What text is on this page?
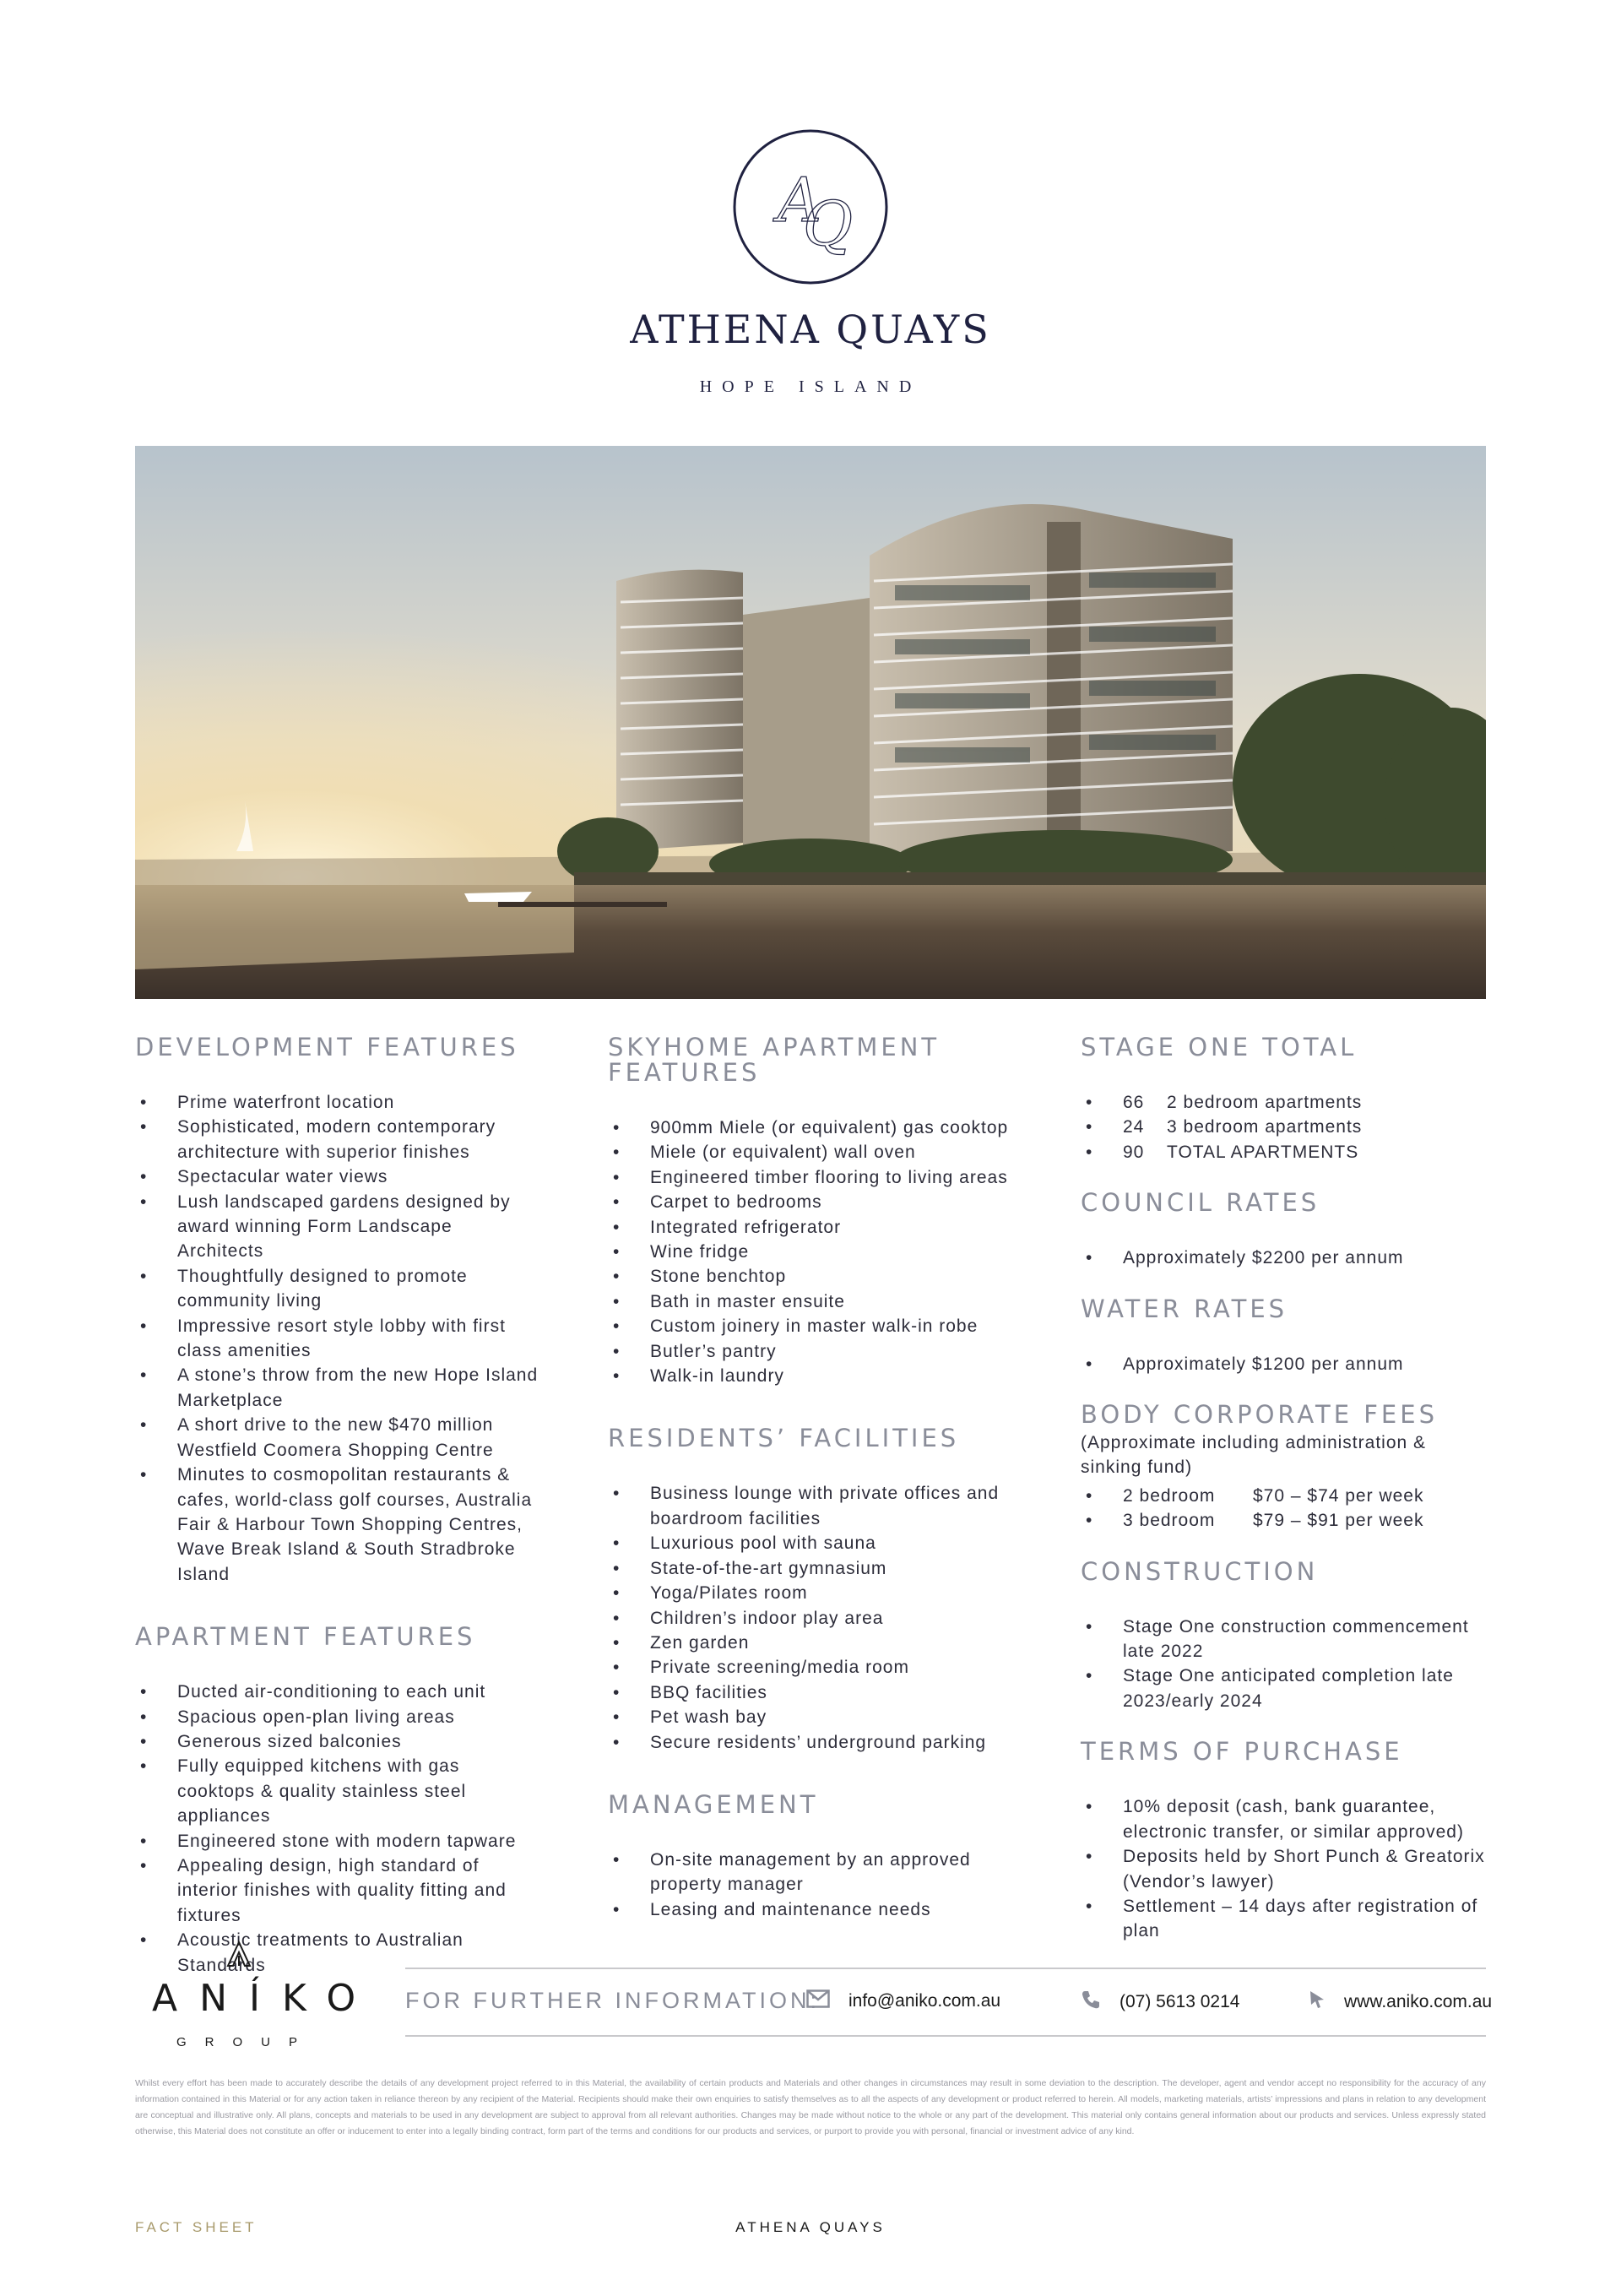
A
Q
ATHENA QUAYS
HOPE ISLAND
DEVELOPMENT FEATURES
• Prime waterfront location
• Sophisticated, modern contemporary architecture with superior finishes
• Spectacular water views
• Lush landscaped gardens designed by award winning Form Landscape Architects
• Thoughtfully designed to promote community living
• Impressive resort style lobby with first class amenities
• A stone’s throw from the new Hope Island Marketplace
• A short drive to the new $470 million Westfield Coomera Shopping Centre
• Minutes to cosmopolitan restaurants & cafes, world-class golf courses, Australia Fair & Harbour Town Shopping Centres, Wave Break Island & South Stradbroke Island
APARTMENT FEATURES
• Ducted air-conditioning to each unit
• Spacious open-plan living areas
• Generous sized balconies
• Fully equipped kitchens with gas cooktops & quality stainless steel appliances
• Engineered stone with modern tapware
• Appealing design, high standard of interior finishes with quality fitting and fixtures
• Acoustic treatments to Australian Standards
SKYHOME APARTMENT FEATURES
• 900mm Miele (or equivalent) gas cooktop
• Miele (or equivalent) wall oven
• Engineered timber flooring to living areas
• Carpet to bedrooms
• Integrated refrigerator
• Wine fridge
• Stone benchtop
• Bath in master ensuite
• Custom joinery in master walk-in robe
• Butler’s pantry
• Walk-in laundry
RESIDENTS’ FACILITIES
• Business lounge with private offices and boardroom facilities
• Luxurious pool with sauna
• State-of-the-art gymnasium
• Yoga/Pilates room
• Children’s indoor play area
• Zen garden
• Private screening/media room
• BBQ facilities
• Pet wash bay
• Secure residents’ underground parking
MANAGEMENT
• On-site management by an approved property manager
• Leasing and maintenance needs
STAGE ONE TOTAL
• 66 2 bedroom apartments
• 24 3 bedroom apartments
• 90 TOTAL APARTMENTS
COUNCIL RATES
• Approximately $2200 per annum
WATER RATES
• Approximately $1200 per annum
BODY CORPORATE FEES
(Approximate including administration & sinking fund)
• 2 bedroom $70 – $74 per week
• 3 bedroom $79 – $91 per week
CONSTRUCTION
• Stage One construction commencement late 2022
• Stage One anticipated completion late 2023/early 2024
TERMS OF PURCHASE
• 10% deposit (cash, bank guarantee, electronic transfer, or similar approved)
• Deposits held by Short Punch & Greatorix (Vendor’s lawyer)
• Settlement – 14 days after registration of plan
ANÍKO
GROUP
FOR FURTHER INFORMATION: info@aniko.com.au	(07) 5613 0214	www.aniko.com.au
Whilst every effort has been made to accurately describe the details of any development project referred to in this Material, the availability of certain products and Materials and other changes in circumstances may result in some deviation to the description. The developer, agent and vendor accept no responsibility for the accuracy of any information contained in this Material or for any action taken in reliance thereon by any recipient of the Material. Recipients should make their own enquiries to satisfy themselves as to all the aspects of any development or product referred to herein. All models, marketing materials, artists’ impressions and plans in relation to any development are conceptual and illustrative only. All plans, concepts and materials to be used in any development are subject to approval from all relevant authorities. Changes may be made without notice to the whole or any part of the development. This material only contains general information about our products and services. Unless expressly stated otherwise, this Material does not constitute an offer or inducement to enter into a legally binding contract, form part of the terms and conditions for our products and services, or purport to provide you with personal, financial or investment advice of any kind.
FACT SHEET	ATHENA QUAYS
